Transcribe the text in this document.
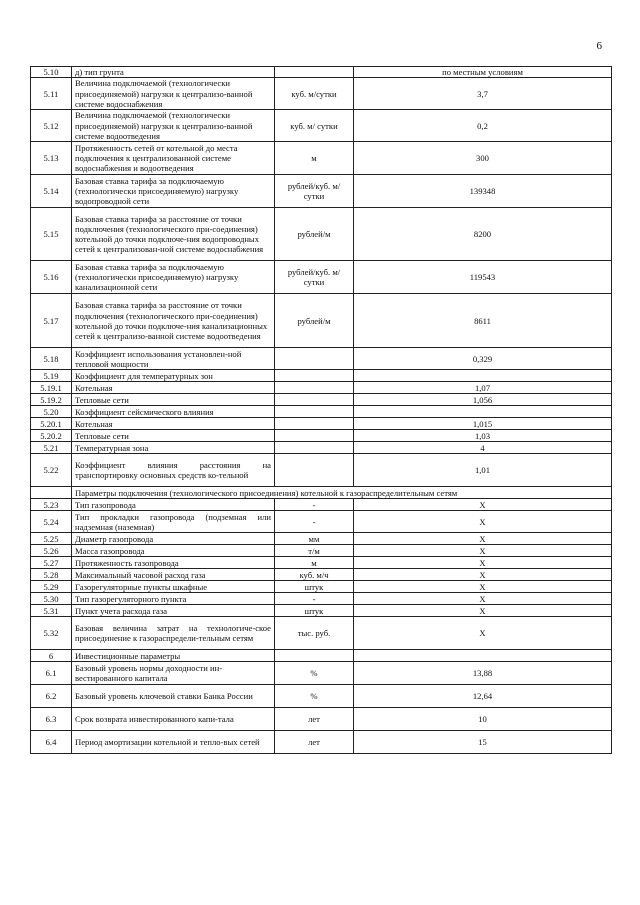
6
5.10	д) тип грунта		по местным условиям
5.11	Величина подключаемой (технологически присоединяемой) нагрузки к централизо-ванной системе водоснабжения	куб. м/сутки	3,7
5.12	Величина подключаемой (технологически присоединяемой) нагрузки к централизо-ванной системе водоотведения	куб. м/ сутки	0,2
5.13	Протяженность сетей от котельной до места подключения к централизованной системе водоснабжения и водоотведения	м	300
5.14	Базовая ставка тарифа за подключаемую (технологически присоединяемую) нагрузку водопроводной сети	рублей/куб. м/сутки	139348
5.15	Базовая ставка тарифа за расстояние от точки подключения (технологического при-соединения) котельной до точки подключе-ния водопроводных сетей к централизован-ной системе водоснабжения	рублей/м	8200
5.16	Базовая ставка тарифа за подключаемую (технологически присоединяемую) нагрузку канализационной сети	рублей/куб. м/сутки	119543
5.17	Базовая ставка тарифа за расстояние от точки подключения (технологического при-соединения) котельной до точки подключе-ния канализационных сетей к централизо-ванной системе водоотведения	рублей/м	8611
5.18	Коэффициент использования установлен-ной тепловой мощности		0,329
5.19	Коэффициент для температурных зон		
5.19.1	Котельная		1,07
5.19.2	Тепловые сети		1,056
5.20	Коэффициент сейсмического влияния		
5.20.1	Котельная		1,015
5.20.2	Тепловые сети		1,03
5.21	Температурная зона		4
5.22	Коэффициент влияния расстояния на транспортировку основных средств ко-тельной		1,01
	Параметры подключения (технологического присоединения) котельной к газораспределительным сетям		
5.23	Тип газопровода	-	Х
5.24	Тип прокладки газопровода (подземная или надземная (наземная)	-	Х
5.25	Диаметр газопровода	мм	Х
5.26	Масса газопровода	т/м	Х
5.27	Протяженность газопровода	м	Х
5.28	Максимальный часовой расход газа	куб. м/ч	Х
5.29	Газорегуляторные пункты шкафные	штук	Х
5.30	Тип газорегуляторного пункта	-	Х
5.31	Пункт учета расхода газа	штук	Х
5.32	Базовая величина затрат на технологиче-ское присоединение к газораспредели-тельным сетям	тыс. руб.	Х
6	Инвестиционные параметры		
6.1	Базовый уровень нормы доходности ин-вестированного капитала	%	13,88
6.2	Базовый уровень ключевой ставки Банка России	%	12,64
6.3	Срок возврата инвестированного капи-тала	лет	10
6.4	Период амортизации котельной и тепло-вых сетей	лет	15
